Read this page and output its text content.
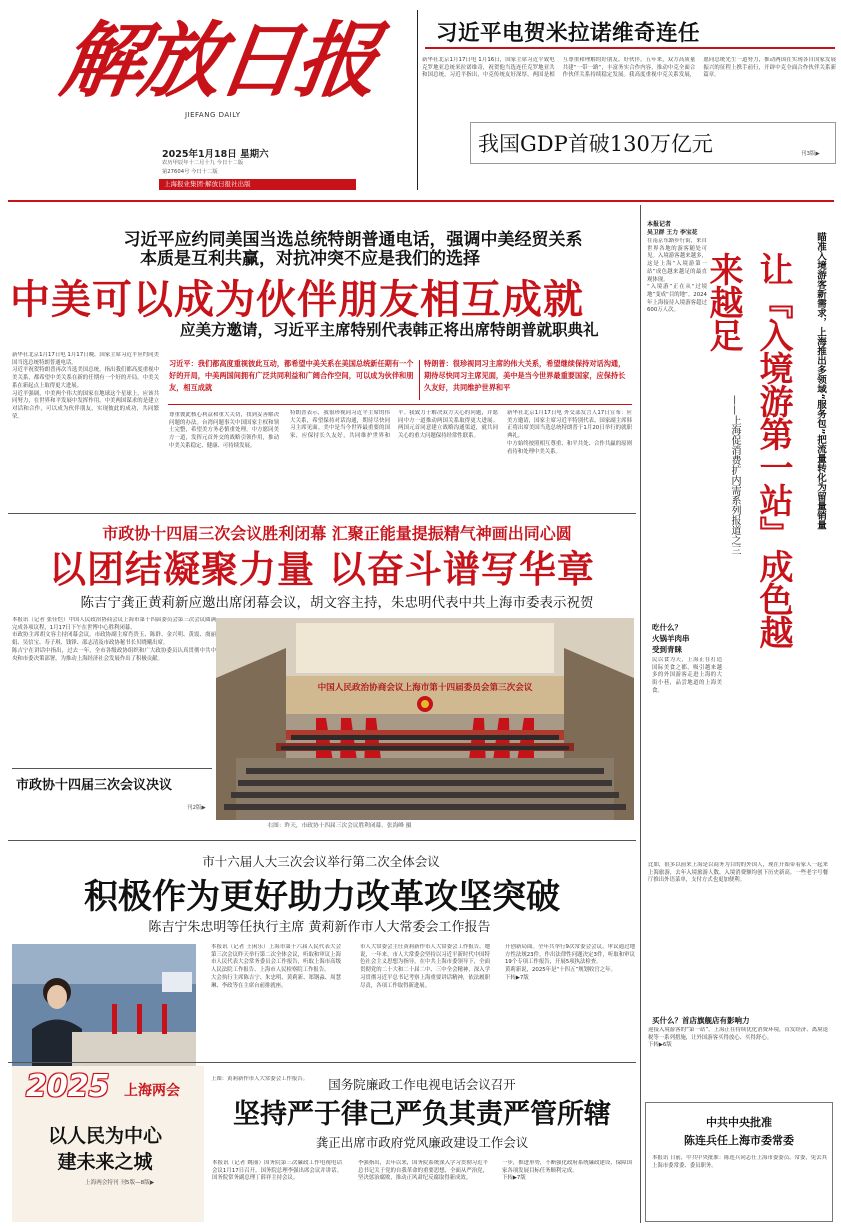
解放日报
JIEFANG DAILY
2025年1月18日 星期六
农历甲辰年十二月十九 今日十二版
第27604号 今日十二版
上海报业集团·解放日报社出版
习近平电贺米拉诺维奇连任
新华社北京1月17日电 1月16日，国家主席习近平致电克罗地亚总统米拉诺维奇，祝贺他当选连任克罗地亚共和国总统。习近平指出，中克传统友好深厚，两国是相互尊重和理解的好朋友、好伙伴。五年来，双方高质量共建“一带一路”，丰富务实合作内容，推动中克全面合作伙伴关系持续稳定发展。我高度重视中克关系发展，愿同总统先生一道努力，推动两国在实现各自国家发展振兴的征程上携手前行，开辟中克全面合作伙伴关系新篇章。
我国GDP首破130万亿元	刊3版▶
习近平应约同美国当选总统特朗普通电话，强调中美经贸关系
本质是互利共赢，对抗冲突不应是我们的选择
中美可以成为伙伴朋友相互成就
应美方邀请，习近平主席特别代表韩正将出席特朗普就职典礼
新华社北京1月17日电 1月17日晚，国家主席习近平应约同美国当选总统特朗普通电话。
习近平祝贺特朗普再次当选美国总统，指出我们都高度重视中美关系，都希望中美关系在新的任期有一个好的开局。中美关系在新起点上取得更大进展。
习近平强调，中美两个伟大的国家在地球这个星球上，应该共同努力，在世界和平发展中发挥作用，中美两国谋求的是建立对话和合作，可以成为伙伴朋友，实现彼此的成功，共同繁荣。
习近平：我们都高度重视彼此互动，都希望中美关系在美国总统新任期有一个好的开局，中美两国间拥有广泛共同利益和广阔合作空间，可以成为伙伴和朋友，相互成就
特朗普：很珍视同习主席的伟大关系，希望继续保持对话沟通，期待尽快同习主席见面，美中是当今世界最重要国家，应保持长久友好，共同维护世界和平
尊重彼此核心利益和重大关切，找到妥善解决问题的办法。台湾问题事关中国国家主权和领土完整，希望美方务必慎重处理。中方愿同美方一道，发挥元首外交的战略引领作用，推动中美关系稳定、健康、可持续发展。
特朗普表示，我很珍视同习近平主席的伟大关系，希望保持对话沟通，期待尽快同习主席见面。美中是当今世界最重要的国家，应保持长久友好，共同维护世界和平。我致力于解决双方关心的问题，并愿同中方一道推动两国关系取得更大进展。两国元首同意建立战略沟通渠道，就共同关心的重大问题保持经常性联系。
新华社北京1月17日电 外交部发言人17日宣布：应美方邀请，国家主席习近平特别代表、国家副主席韩正将出席美国当选总统特朗普于1月20日举行的就职典礼。
中方始终按照相互尊重、和平共处、合作共赢的原则看待和处理中美关系。
市政协十四届三次会议胜利闭幕 汇聚正能量提振精气神画出同心圆
以团结凝聚力量 以奋斗谱写华章
陈吉宁龚正黄莉新应邀出席闭幕会议，胡文容主持，朱忠明代表中共上海市委表示祝贺
本报讯（记者 张佳恺）中国人民政治协商会议上海市第十四届委员会第三次会议圆满完成各项议程，1月17日下午在世博中心胜利闭幕。
市政协主席胡文容主持闭幕会议。市政协副主席肖贵玉、陈群、金兴明、黄震、虞丽娟、吴信宝、寿子琪、钱锋、邵志清及市政协秘书长贝晓曦出席。
陈吉宁在讲话中指出，过去一年，全市各级政协组织和广大政协委员认真贯彻中共中央和市委决策部署，为推动上海经济社会发展作出了积极贡献。
中国人民政治协商会议上海市第十四届委员会第三次会议
市政协十四届三次会议决议
刊2版▶
右图：昨天，市政协十四届三次会议胜利闭幕。张海峰 摄
市十六届人大三次会议举行第二次全体会议
积极作为更好助力改革攻坚突破
陈吉宁朱忠明等任执行主席 黄莉新作市人大常委会工作报告
本报讯（记者 王闲乐）上海市第十六届人民代表大会第三次会议昨天举行第二次全体会议，听取和审议上海市人民代表大会常务委员会工作报告，听取上海市高级人民法院工作报告、上海市人民检察院工作报告。
大会执行主席陈吉宁、朱忠明、黄莉新、郑钢淼、周慧琳、李政等在主席台前排就座。
市人大常委会主任黄莉新作市人大常委会工作报告。她说，一年来，市人大常委会坚持以习近平新时代中国特色社会主义思想为指导，在中共上海市委领导下，全面贯彻党的二十大和二十届二中、三中全会精神，深入学习贯彻习近平总书记考察上海重要讲话精神，依法履职尽责，各项工作取得新进展。
开创新局面。全年共举行9次常委会会议，审议通过地方性法规23件，作出法律性问题决定3件，听取和审议19个专项工作报告，开展5项执法检查。
黄莉新说，2025年是“十四五”规划收官之年。
下转▶7版
上图：黄莉新作市人大常委会工作报告。
2025 上海两会
以人民为中心
建未来之城
上海两会特刊 刊5版—8版▶
国务院廉政工作电视电话会议召开
坚持严于律己严负其责严管所辖
龚正出席市政府党风廉政建设工作会议
本报讯（记者 姚丽）国务院第三次廉政工作电视电话会议1月17日召开。国务院总理李强出席会议并讲话。国务院常务副总理丁薛祥主持会议。
李强指出，去年以来，国务院系统深入学习贯彻习近平总书记关于党的自我革命的重要思想，全面从严治党，坚决惩治腐败，推动正风肃纪反腐取得新成效。
一步，推进形势，不断强化政府系统廉政建设，保障国家各项发展目标任务顺利完成。
下转▶7版
本报记者
吴卫群 王力 李宝花
在南京东路步行街，来自世界各地的游客随处可见。入境游客越来越多，这是上海“入境游第一站”成色越来越足的最直观体现。
“入境游”正在从“过境地”变成“目的地”。2024年上海接待入境游客超过600万人次。	瞄准入境游客新需求，上海推出多领域“服务包”把流量转化为留量销量
让『入境游第一站』成色越来越足
——上海促消费扩内需系列报道之三
吃什么？
火锅羊肉串
受到青睐
民以食为天，上海正在打造国际美食之都，吸引越来越多的外国游客走进上海的大街小巷，品尝地道的上海美食。
比如，很多以前来上海是以商务为目的的外国人，现在开始带着家人一起来上海旅游，去年入境旅游人数、入境消费额均创下历史新高。一些老字号餐厅推出外语菜单，支付方式也更加便利。
买什么？首店旗舰店有影响力
迎接入境游客的“第一站”，上海正在持续优化消费环境，首发经济、离境退税等一系列措施，让外国游客买得放心、买得舒心。
下转▶6版
中共中央批准
陈连兵任上海市委常委
本报讯 日前，中共中央批准：陈连兵同志任上海市委委员、常委，免去其上海市委常委、委员职务。
